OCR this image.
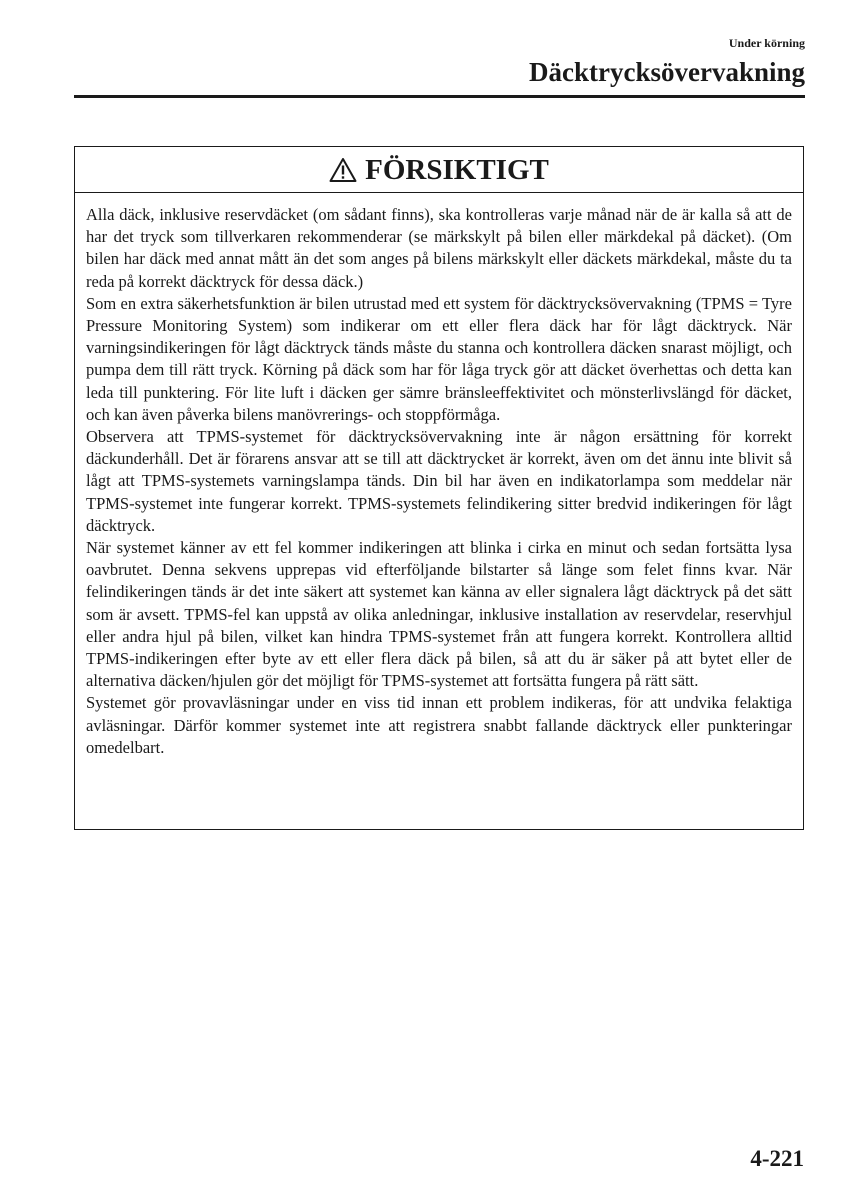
Under körning
Däcktrycksövervakning
FÖRSIKTIGT

Alla däck, inklusive reservdäcket (om sådant finns), ska kontrolleras varje månad när de är kalla så att de har det tryck som tillverkaren rekommenderar (se märkskylt på bilen eller märkdekal på däcket). (Om bilen har däck med annat mått än det som anges på bilens märkskylt eller däckets märkdekal, måste du ta reda på korrekt däcktryck för dessa däck.)

Som en extra säkerhetsfunktion är bilen utrustad med ett system för däcktrycksövervakning (TPMS = Tyre Pressure Monitoring System) som indikerar om ett eller flera däck har för lågt däcktryck. När varningsindikeringen för lågt däcktryck tänds måste du stanna och kontrollera däcken snarast möjligt, och pumpa dem till rätt tryck. Körning på däck som har för låga tryck gör att däcket överhettas och detta kan leda till punktering. För lite luft i däcken ger sämre bränsleeffektivitet och mönsterlivslängd för däcket, och kan även påverka bilens manövrerings- och stoppförmåga.

Observera att TPMS-systemet för däcktrycksövervakning inte är någon ersättning för korrekt däckunderhåll. Det är förarens ansvar att se till att däcktrycket är korrekt, även om det ännu inte blivit så lågt att TPMS-systemets varningslampa tänds. Din bil har även en indikatorlampa som meddelar när TPMS-systemet inte fungerar korrekt. TPMS-systemets felindikering sitter bredvid indikeringen för lågt däcktryck.

När systemet känner av ett fel kommer indikeringen att blinka i cirka en minut och sedan fortsätta lysa oavbrutet. Denna sekvens upprepas vid efterföljande bilstarter så länge som felet finns kvar. När felindikeringen tänds är det inte säkert att systemet kan känna av eller signalera lågt däcktryck på det sätt som är avsett. TPMS-fel kan uppstå av olika anledningar, inklusive installation av reservdelar, reservhjul eller andra hjul på bilen, vilket kan hindra TPMS-systemet från att fungera korrekt. Kontrollera alltid TPMS-indikeringen efter byte av ett eller flera däck på bilen, så att du är säker på att bytet eller de alternativa däcken/hjulen gör det möjligt för TPMS-systemet att fortsätta fungera på rätt sätt.

Systemet gör provavläsningar under en viss tid innan ett problem indikeras, för att undvika felaktiga avläsningar. Därför kommer systemet inte att registrera snabbt fallande däcktryck eller punkteringar omedelbart.

4-221
